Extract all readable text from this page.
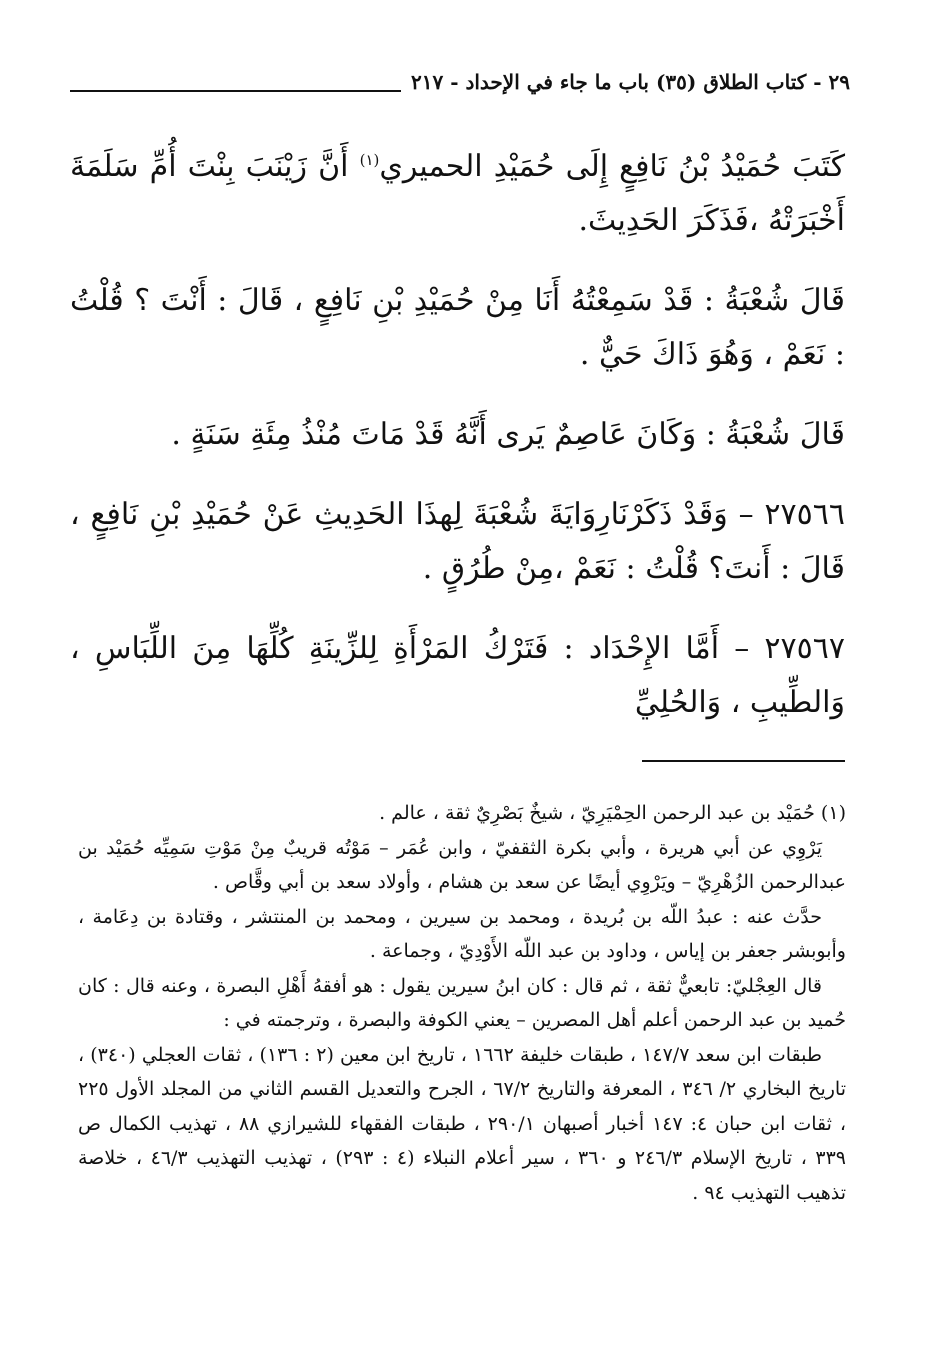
٢٩ - كتاب الطلاق (٣٥) باب ما جاء في الإحداد - ٢١٧

كَتَبَ حُمَيْدُ بْنُ نَافِعٍ إِلَى حُمَيْدِ الحميري$^{(١)}$ أَنَّ زَيْنَبَ بِنْتَ أُمِّ سَلَمَةَ أَخْبَرَتْهُ ،فَذَكَرَ الحَدِيثَ.

قَالَ شُعْبَةُ : قَدْ سَمِعْتُهُ أَنَا مِنْ حُمَيْدِ بْنِ نَافِعٍ ، قَالَ : أَنْتَ ؟ قُلْتُ : نَعَمْ ، وَهُوَ ذَاكَ حَيٌّ .

قَالَ شُعْبَةُ : وَكَانَ عَاصِمٌ يَرى أَنَّهُ قَدْ مَاتَ مُنْذُ مِئَةِ سَنَةٍ .

٢٧٥٦٦ – وَقَدْ ذَكَرْنَارِوَايَةَ شُعْبَةَ لِهذَا الحَدِيثِ عَنْ حُمَيْدِ بْنِ نَافِعٍ ، قَالَ : أَنتَ؟ قُلْتُ : نَعَمْ ،مِنْ طُرُقٍ .

٢٧٥٦٧ – أَمَّا الإِحْدَاد : فَتَرْكُ المَرْأَةِ لِلزِّينَةِ كُلِّهَا مِنَ اللِّبَاسِ ، وَالطِّيبِ ، وَالحُلِيِّ

(١) حُمَيْد بن عبد الرحمن الحِمْيَرِيّ ، شيخٌ بَصْرِيٌ ثقة ، عالم .

يَرْوِي عن أبي هريرة ، وأبي بكرة الثقفيّ ، وابن عُمَر – مَوْتُه قريبٌ مِنْ مَوْتِ سَمِيِّه حُمَيْد بن عبدالرحمن الزُهْرِيّ – ويَرْوِي أيضًا عن سعد بن هشام ، وأولاد سعد بن أبي وقَّاص .

حدَّث عنه : عبدُ اللّه بن بُريدة ، ومحمد بن سيرين ، ومحمد بن المنتشر ، وقتادة بن دِعَامة ، وأبوبشر جعفر بن إياس ، وداود بن عبد اللّه الأَوْدِيّ ، وجماعة .

قال العِجْليّ: تابعيٌّ ثقة ، ثم قال : كان ابنُ سيرين يقول : هو أفقهُ أَهْلِ البصرة ، وعنه قال : كان حُميد بن عبد الرحمن أعلم أهل المصرين – يعني الكوفة والبصرة ، وترجمته في :

طبقات ابن سعد ١٤٧/٧ ، طبقات خليفة ١٦٦٢ ، تاريخ ابن معين (٢ : ١٣٦) ، ثقات العجلي (٣٤٠) ، تاريخ البخاري ٢/ ٣٤٦ ، المعرفة والتاريخ ٦٧/٢ ، الجرح والتعديل القسم الثاني من المجلد الأول ٢٢٥ ، ثقات ابن حبان ٤: ١٤٧ أخبار أصبهان ٢٩٠/١ ، طبقات الفقهاء للشيرازي ٨٨ ، تهذيب الكمال ص ٣٣٩ ، تاريخ الإسلام ٢٤٦/٣ و ٣٦٠ ، سير أعلام النبلاء (٤ : ٢٩٣) ، تهذيب التهذيب ٤٦/٣ ، خلاصة تذهيب التهذيب ٩٤ .
